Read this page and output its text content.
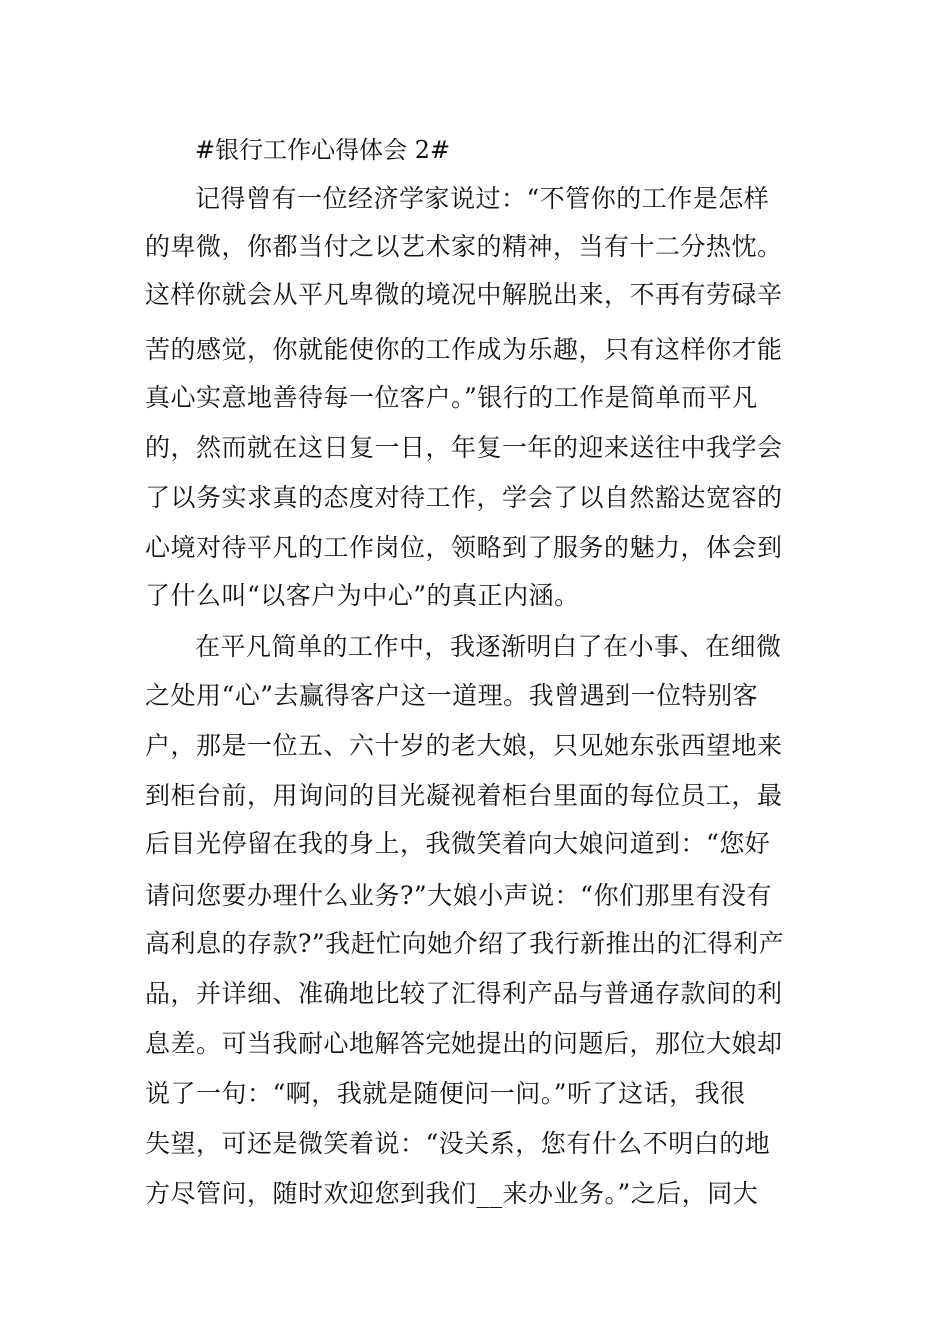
#银行工作心得体会 2#
记得曾有一位经济学家说过：“不管你的工作是怎样
的卑微，你都当付之以艺术家的精神，当有十二分热忱。
这样你就会从平凡卑微的境况中解脱出来，不再有劳碌辛
苦的感觉，你就能使你的工作成为乐趣，只有这样你才能
真心实意地善待每一位客户。”银行的工作是简单而平凡
的，然而就在这日复一日，年复一年的迎来送往中我学会
了以务实求真的态度对待工作，学会了以自然豁达宽容的
心境对待平凡的工作岗位，领略到了服务的魅力，体会到
了什么叫“以客户为中心”的真正内涵。
在平凡简单的工作中，我逐渐明白了在小事、在细微
之处用“心”去赢得客户这一道理。我曾遇到一位特别客
户，那是一位五、六十岁的老大娘，只见她东张西望地来
到柜台前，用询问的目光凝视着柜台里面的每位员工，最
后目光停留在我的身上，我微笑着向大娘问道到：“您好
请问您要办理什么业务?”大娘小声说：“你们那里有没有
高利息的存款?”我赶忙向她介绍了我行新推出的汇得利产
品，并详细、准确地比较了汇得利产品与普通存款间的利
息差。可当我耐心地解答完她提出的问题后，那位大娘却
说了一句：“啊，我就是随便问一问。”听了这话，我很
失望，可还是微笑着说：“没关系，您有什么不明白的地
方尽管问，随时欢迎您到我们__来办业务。”之后，同大
